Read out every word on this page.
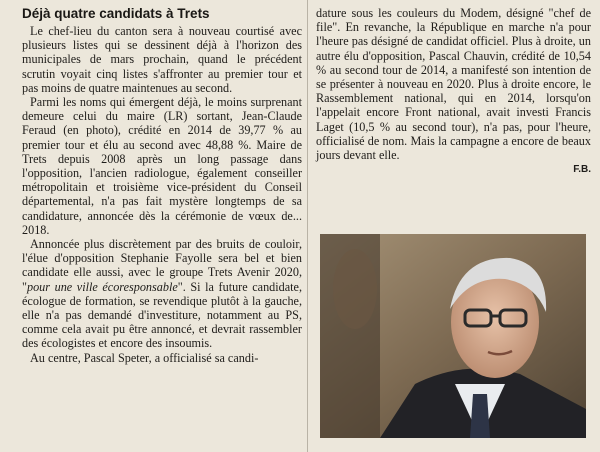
Déjà quatre candidats à Trets

Le chef-lieu du canton sera à nouveau courtisé avec plusieurs listes qui se dessinent déjà à l'horizon des municipales de mars prochain, quand le précédent scrutin voyait cinq listes s'affronter au premier tour et pas moins de quatre maintenues au second.

Parmi les noms qui émergent déjà, le moins surprenant demeure celui du maire (LR) sortant, Jean-Claude Feraud (en photo), crédité en 2014 de 39,77 % au premier tour et élu au second avec 48,88 %. Maire de Trets depuis 2008 après un long passage dans l'opposition, l'ancien radiologue, également conseiller métropolitain et troisième vice-président du Conseil départemental, n'a pas fait mystère longtemps de sa candidature, annoncée dès la cérémonie de vœux de... 2018.

Annoncée plus discrètement par des bruits de couloir, l'élue d'opposition Stephanie Fayolle sera bel et bien candidate elle aussi, avec le groupe Trets Avenir 2020, "pour une ville écoresponsable". Si la future candidate, écologue de formation, se revendique plutôt à la gauche, elle n'a pas demandé d'investiture, notamment au PS, comme cela avait pu être annoncé, et devrait rassembler des écologistes et encore des insoumis.

Au centre, Pascal Speter, a officialisé sa candi-

dature sous les couleurs du Modem, désigné "chef de file". En revanche, la République en marche n'a pour l'heure pas désigné de candidat officiel. Plus à droite, un autre élu d'opposition, Pascal Chauvin, crédité de 10,54 % au second tour de 2014, a manifesté son intention de se présenter à nouveau en 2020. Plus à droite encore, le Rassemblement national, qui en 2014, lorsqu'on l'appelait encore Front national, avait investi Francis Laget (10,5 % au second tour), n'a pas, pour l'heure, officialisé de nom. Mais la campagne a encore de beaux jours devant elle.

F.B.
